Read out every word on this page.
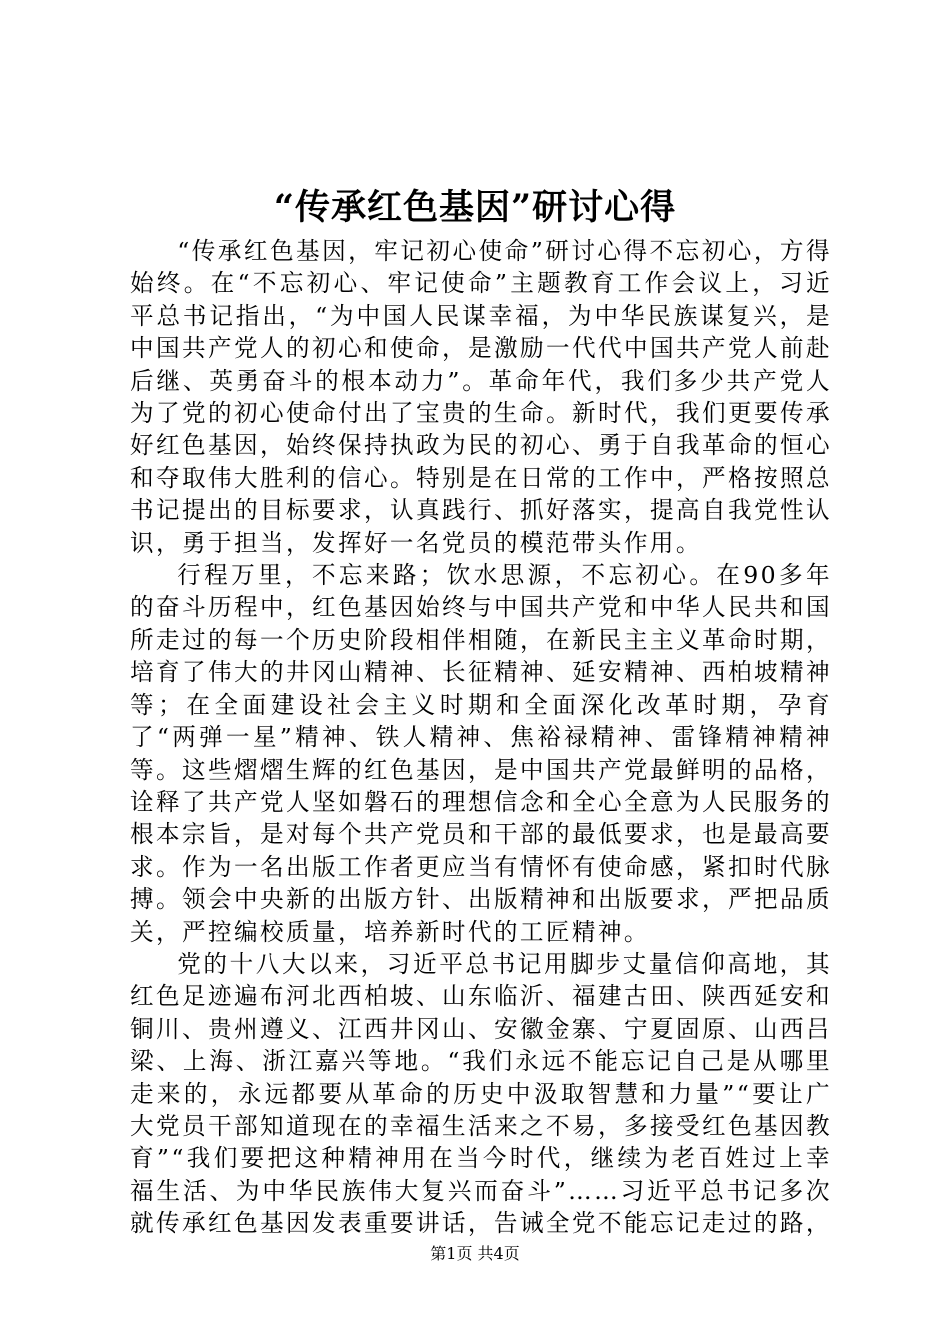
“传承红色基因”研讨心得

“传承红色基因，牢记初心使命”研讨心得不忘初心，方得始终。在“不忘初心、牢记使命”主题教育工作会议上，习近平总书记指出，“为中国人民谋幸福，为中华民族谋复兴，是中国共产党人的初心和使命，是激励一代代中国共产党人前赴后继、英勇奋斗的根本动力”。革命年代，我们多少共产党人为了党的初心使命付出了宝贵的生命。新时代，我们更要传承好红色基因，始终保持执政为民的初心、勇于自我革命的恒心和夺取伟大胜利的信心。特别是在日常的工作中，严格按照总书记提出的目标要求，认真践行、抓好落实，提高自我党性认识，勇于担当，发挥好一名党员的模范带头作用。

行程万里，不忘来路；饮水思源，不忘初心。在90多年的奋斗历程中，红色基因始终与中国共产党和中华人民共和国所走过的每一个历史阶段相伴相随，在新民主主义革命时期，培育了伟大的井冈山精神、长征精神、延安精神、西柏坡精神等；在全面建设社会主义时期和全面深化改革时期，孕育了“两弹一星”精神、铁人精神、焦裕禄精神、雷锋精神精神等。这些熠熠生辉的红色基因，是中国共产党最鲜明的品格，诠释了共产党人坚如磐石的理想信念和全心全意为人民服务的根本宗旨，是对每个共产党员和干部的最低要求，也是最高要求。作为一名出版工作者更应当有情怀有使命感，紧扣时代脉搏。领会中央新的出版方针、出版精神和出版要求，严把品质关，严控编校质量，培养新时代的工匠精神。

党的十八大以来，习近平总书记用脚步丈量信仰高地，其红色足迹遍布河北西柏坡、山东临沂、福建古田、陕西延安和铜川、贵州遵义、江西井冈山、安徽金寨、宁夏固原、山西吕梁、上海、浙江嘉兴等地。“我们永远不能忘记自己是从哪里走来的，永远都要从革命的历史中汲取智慧和力量”“要让广大党员干部知道现在的幸福生活来之不易，多接受红色基因教育”“我们要把这种精神用在当今时代，继续为老百姓过上幸福生活、为中华民族伟大复兴而奋斗”……习近平总书记多次就传承红色基因发表重要讲话，告诫全党不能忘记走过的路，

第1页 共4页
